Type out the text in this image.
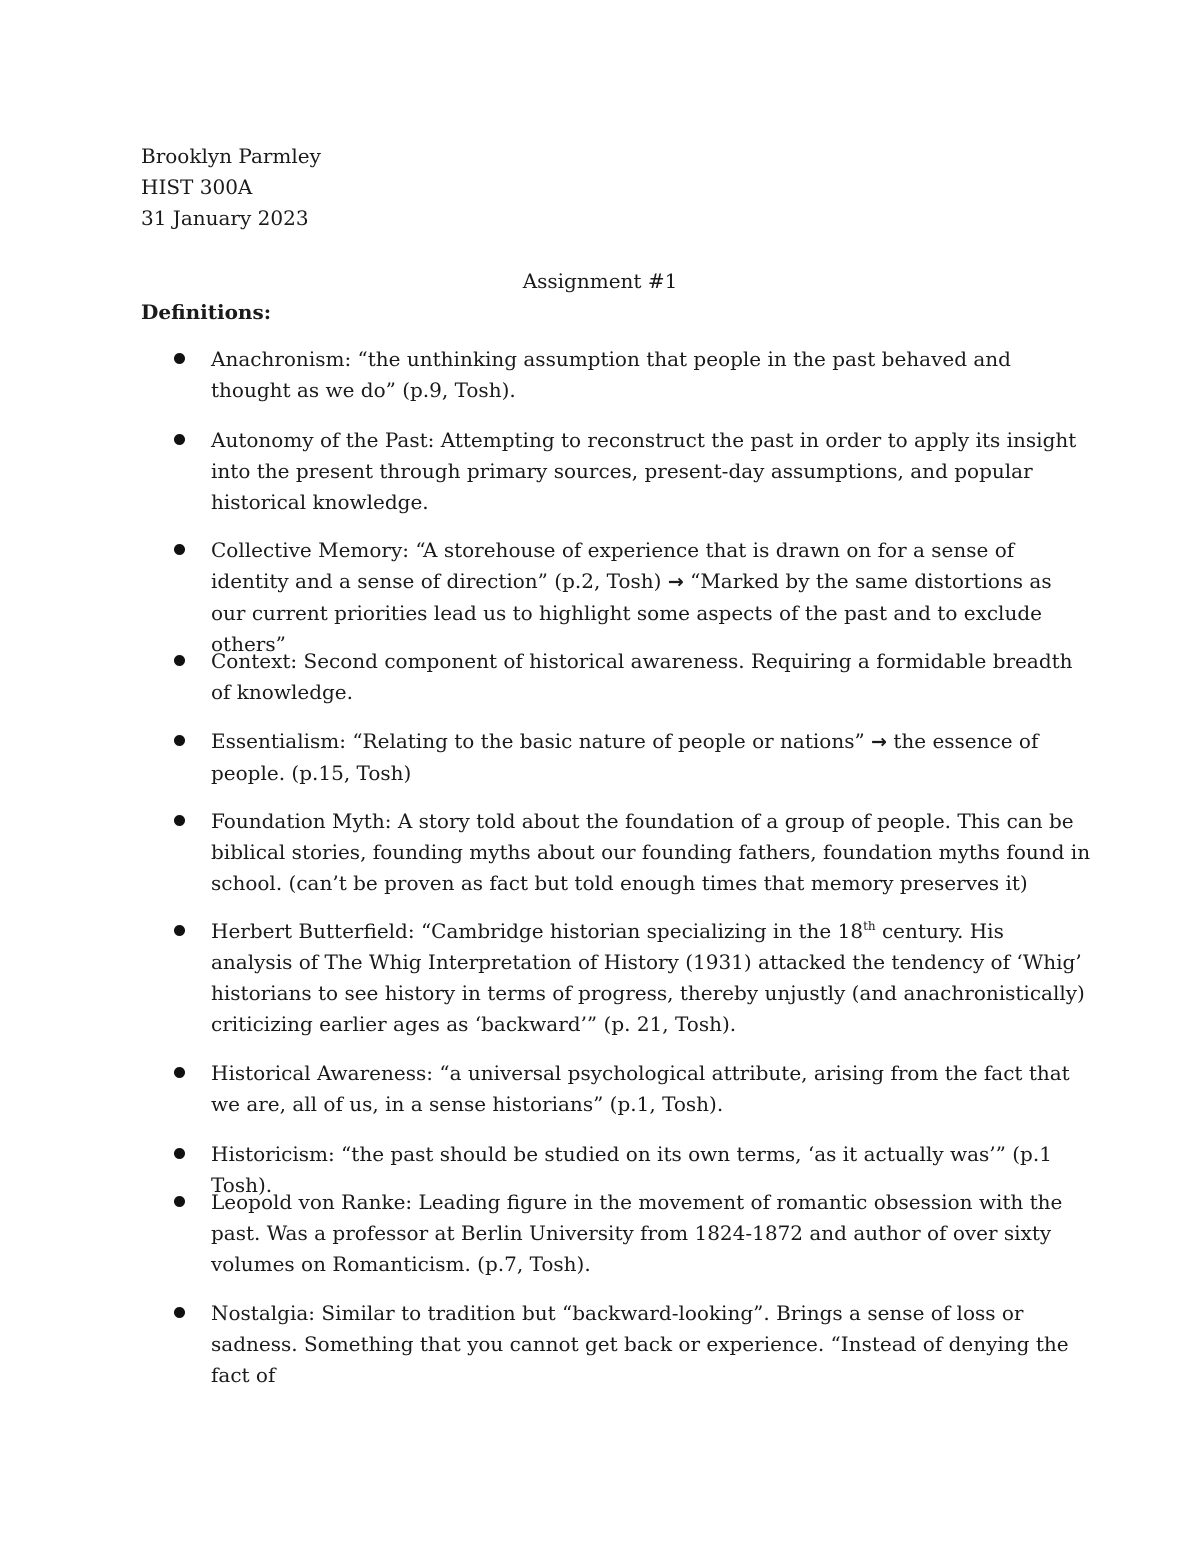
Brooklyn Parmley
HIST 300A
31 January 2023
Assignment #1
Definitions:
Anachronism: “the unthinking assumption that people in the past behaved and thought as we do” (p.9, Tosh).
Autonomy of the Past: Attempting to reconstruct the past in order to apply its insight into the present through primary sources, present-day assumptions, and popular historical knowledge.
Collective Memory: “A storehouse of experience that is drawn on for a sense of identity and a sense of direction” (p.2, Tosh) → “Marked by the same distortions as our current priorities lead us to highlight some aspects of the past and to exclude others”
Context: Second component of historical awareness. Requiring a formidable breadth of knowledge.
Essentialism: “Relating to the basic nature of people or nations” → the essence of people. (p.15, Tosh)
Foundation Myth: A story told about the foundation of a group of people. This can be biblical stories, founding myths about our founding fathers, foundation myths found in school. (can’t be proven as fact but told enough times that memory preserves it)
Herbert Butterfield: “Cambridge historian specializing in the 18th century. His analysis of The Whig Interpretation of History (1931) attacked the tendency of ‘Whig’ historians to see history in terms of progress, thereby unjustly (and anachronistically) criticizing earlier ages as ‘backward’” (p. 21, Tosh).
Historical Awareness: “a universal psychological attribute, arising from the fact that we are, all of us, in a sense historians” (p.1, Tosh).
Historicism: “the past should be studied on its own terms, ‘as it actually was’” (p.1 Tosh).
Leopold von Ranke: Leading figure in the movement of romantic obsession with the past. Was a professor at Berlin University from 1824-1872 and author of over sixty volumes on Romanticism. (p.7, Tosh).
Nostalgia: Similar to tradition but “backward-looking”. Brings a sense of loss or sadness. Something that you cannot get back or experience. “Instead of denying the fact of
